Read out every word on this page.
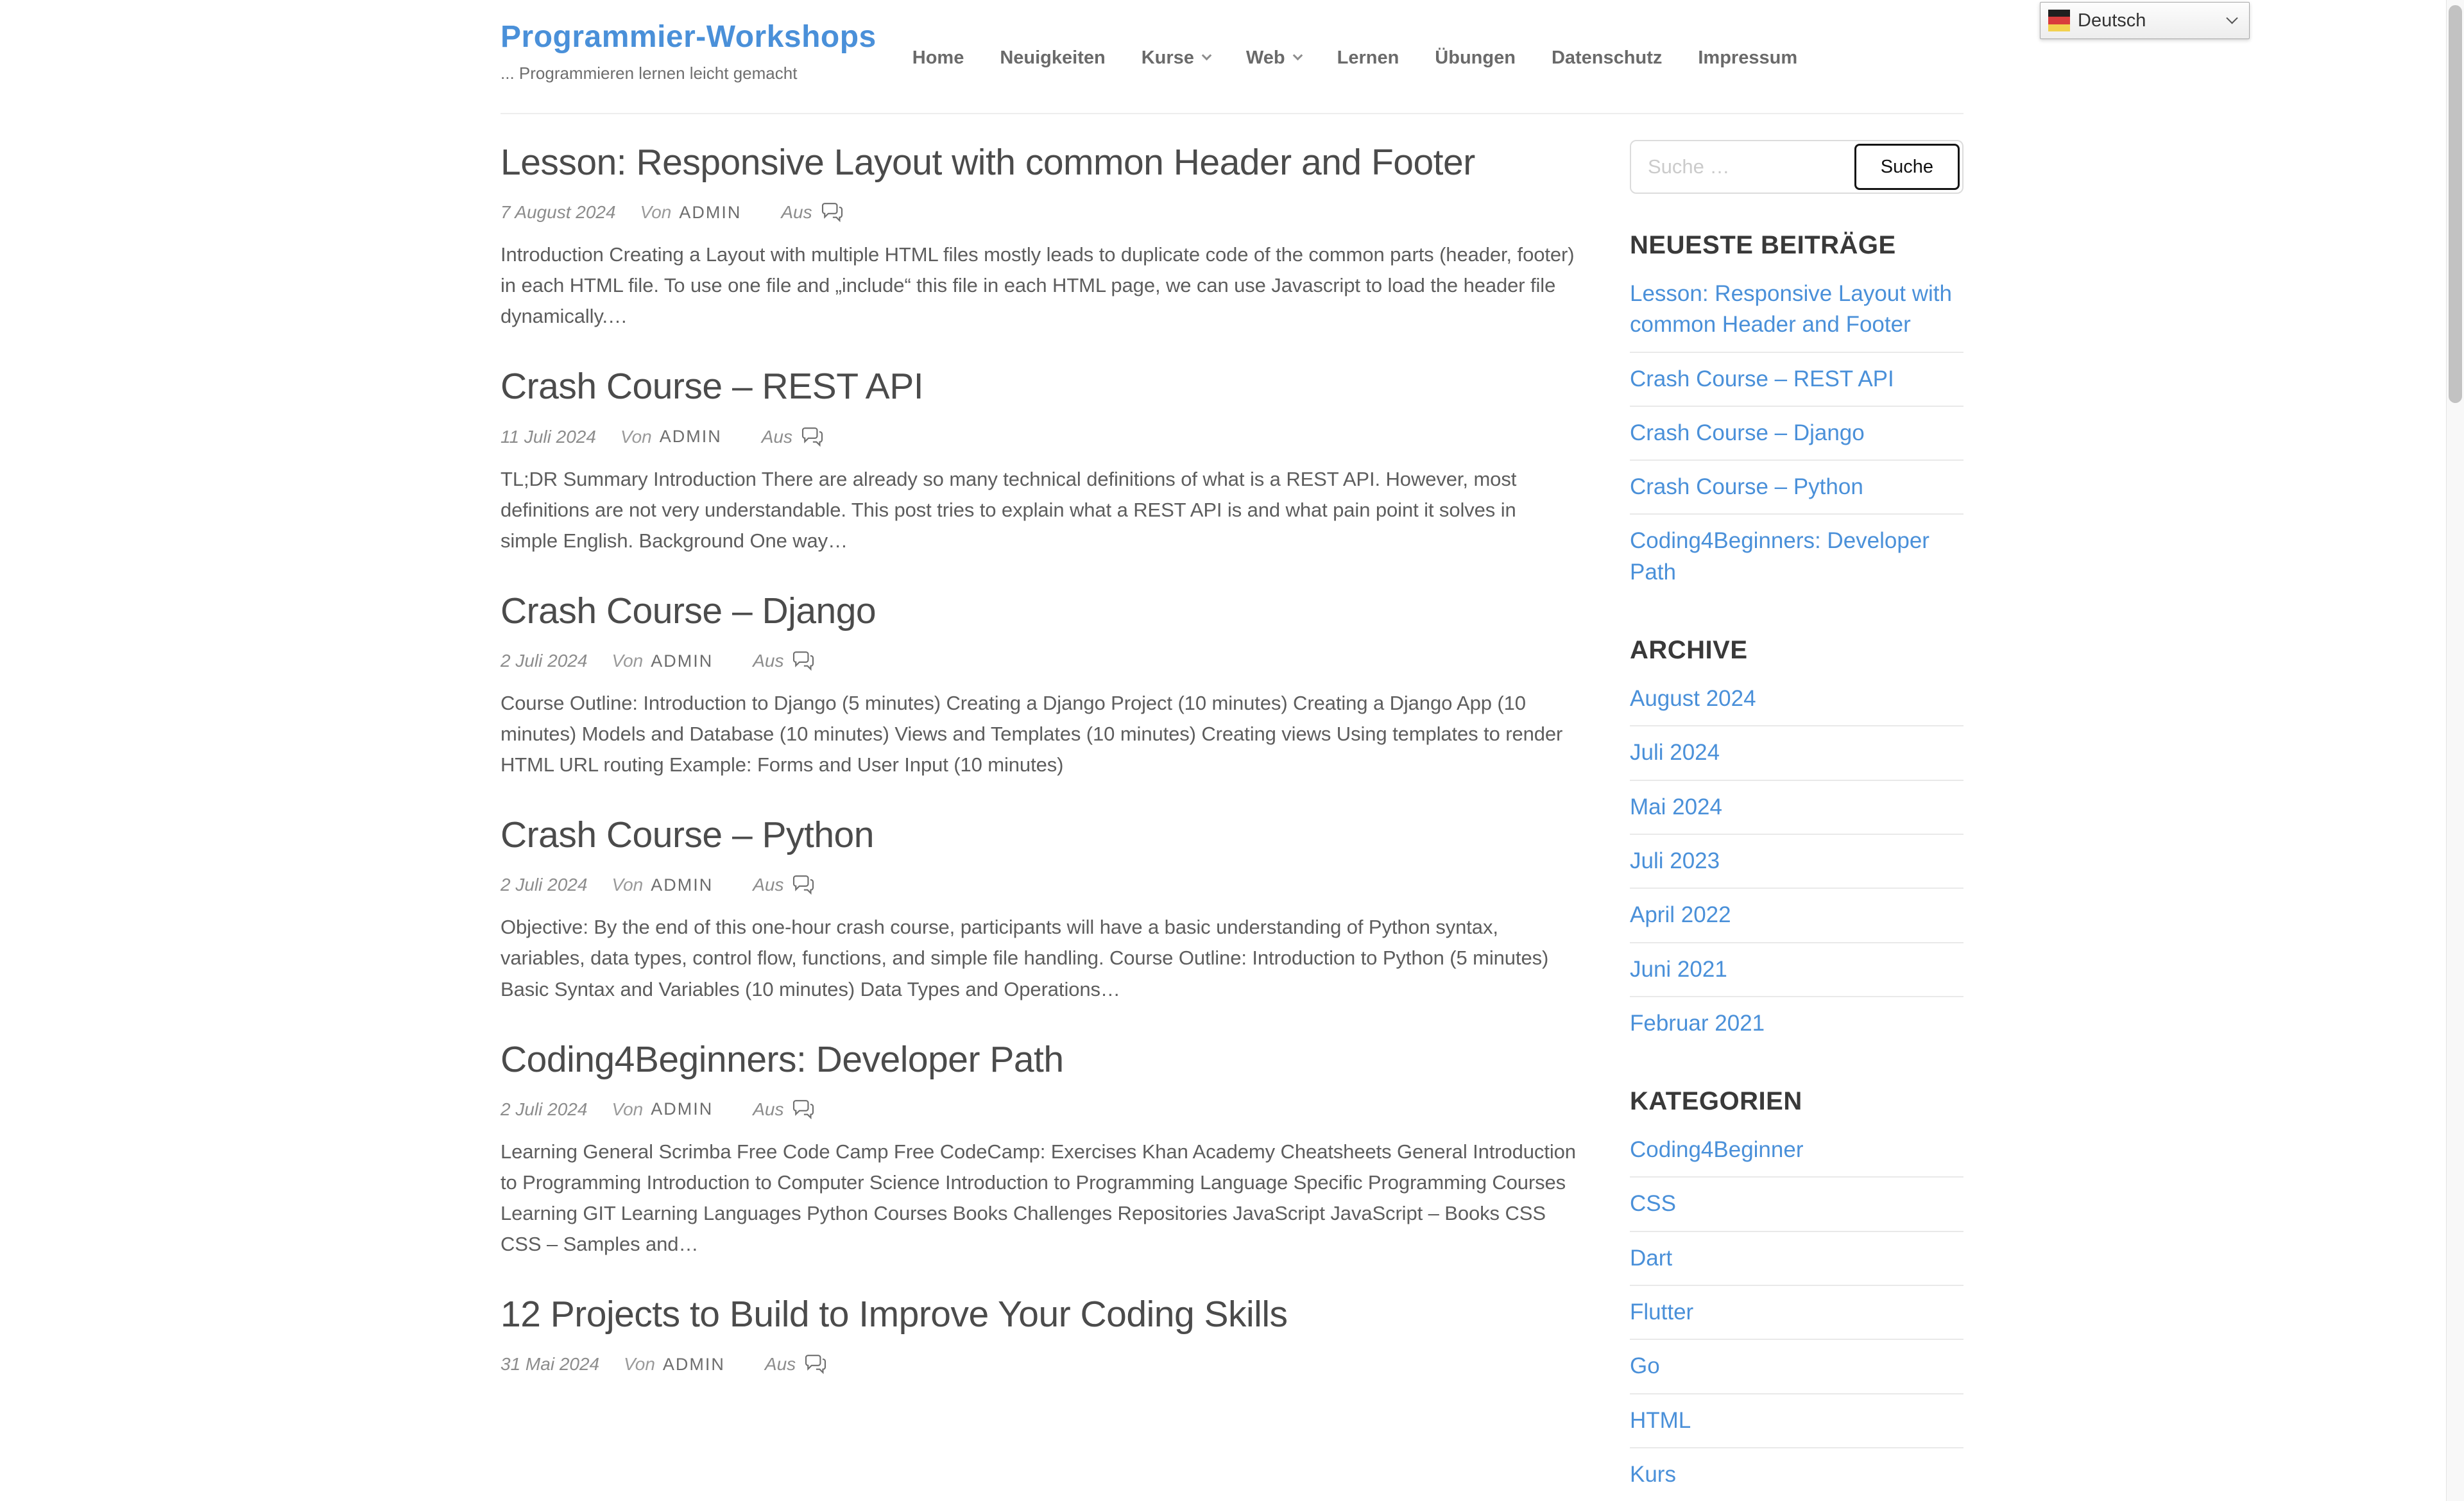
Deutsch
Programmier-Workshops

... Programmieren lernen leicht gemacht

Home Neuigkeiten Kurse	Web	Lernen Übungen Datenschutz Impressum
Lesson: Responsive Layout with common Header and Footer
7 August 2024 Von ADMIN Aus

Introduction Creating a Layout with multiple HTML files mostly leads to duplicate code of the common parts (header, footer) in each HTML file. To use one file and „include“ this file in each HTML page, we can use Javascript to load the header file dynamically.…

Crash Course – REST API
11 Juli 2024 Von ADMIN Aus

TL;DR Summary Introduction There are already so many technical definitions of what is a REST API. However, most definitions are not very understandable. This post tries to explain what a REST API is and what pain point it solves in simple English. Background One way…

Crash Course – Django
2 Juli 2024 Von ADMIN Aus

Course Outline: Introduction to Django (5 minutes) Creating a Django Project (10 minutes) Creating a Django App (10 minutes) Models and Database (10 minutes) Views and Templates (10 minutes) Creating views Using templates to render HTML URL routing Example: Forms and User Input (10 minutes)

Crash Course – Python
2 Juli 2024 Von ADMIN Aus

Objective: By the end of this one-hour crash course, participants will have a basic understanding of Python syntax, variables, data types, control flow, functions, and simple file handling. Course Outline: Introduction to Python (5 minutes) Basic Syntax and Variables (10 minutes) Data Types and Operations…

Coding4Beginners: Developer Path
2 Juli 2024 Von ADMIN Aus

Learning General Scrimba Free Code Camp Free CodeCamp: Exercises Khan Academy Cheatsheets General Introduction to Programming Introduction to Computer Science Introduction to Programming Language Specific Programming Courses Learning GIT Learning Languages Python Courses Books Challenges Repositories JavaScript JavaScript – Books CSS CSS – Samples and…

12 Projects to Build to Improve Your Coding Skills
31 Mai 2024 Von ADMIN Aus
Suche …
Suche
NEUESTE BEITRÄGE
Lesson: Responsive Layout with common Header and Footer
Crash Course – REST API
Crash Course – Django
Crash Course – Python
Coding4Beginners: Developer Path
ARCHIVE
August 2024
Juli 2024
Mai 2024
Juli 2023
April 2022
Juni 2021
Februar 2021
KATEGORIEN
Coding4Beginner
CSS
Dart
Flutter
Go
HTML
Kurs
